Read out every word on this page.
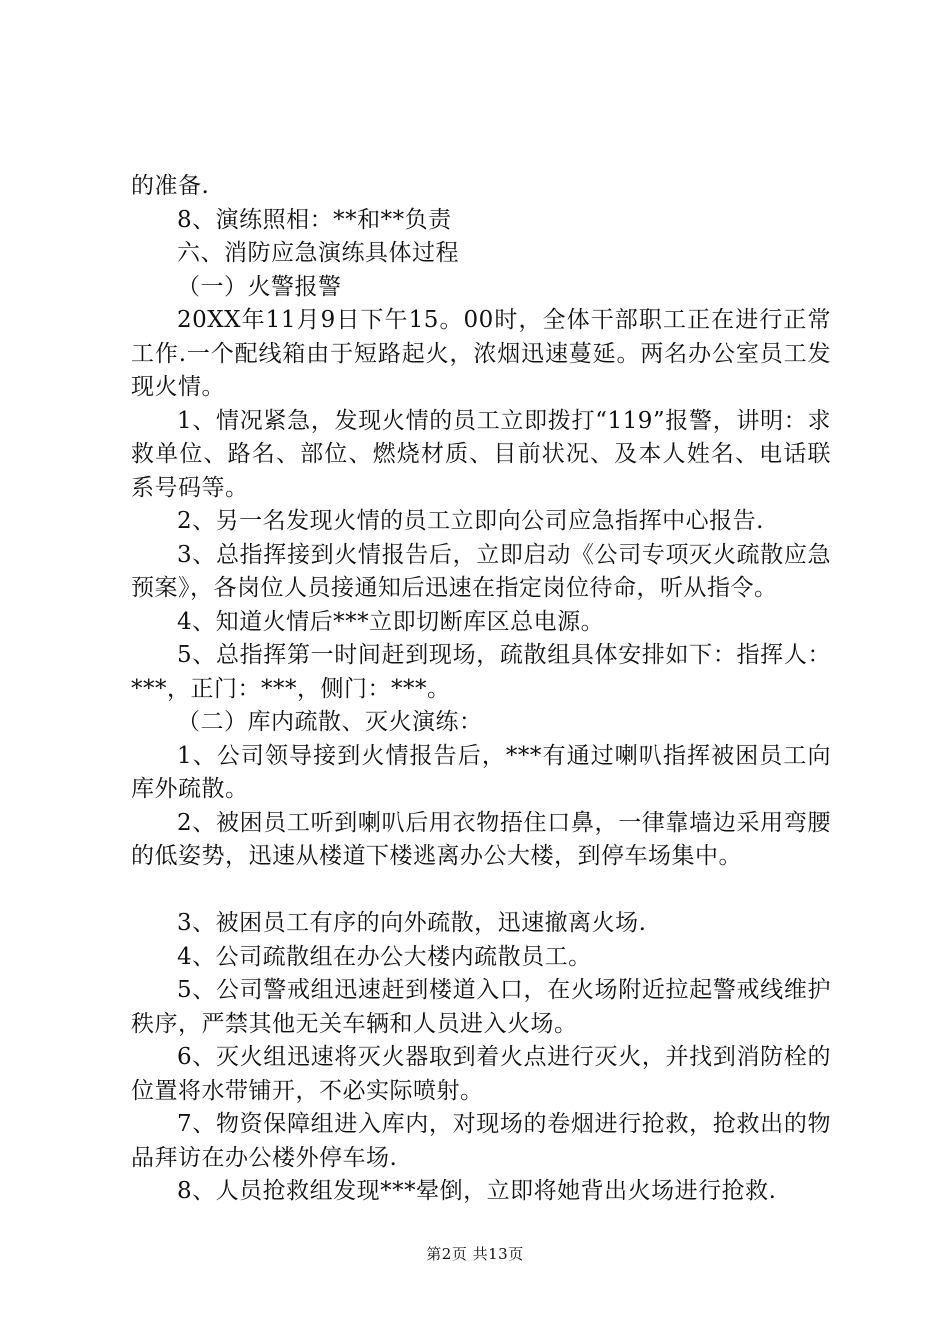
的准备.

8、演练照相：**和**负责

六、消防应急演练具体过程

（一）火警报警

20XX年11月9日下午15。00时，全体干部职工正在进行正常工作.一个配线箱由于短路起火，浓烟迅速蔓延。两名办公室员工发现火情。

1、情况紧急，发现火情的员工立即拨打“119”报警，讲明：求救单位、路名、部位、燃烧材质、目前状况、及本人姓名、电话联系号码等。

2、另一名发现火情的员工立即向公司应急指挥中心报告.

3、总指挥接到火情报告后，立即启动《公司专项灭火疏散应急预案》，各岗位人员接通知后迅速在指定岗位待命，听从指令。

4、知道火情后***立即切断库区总电源。

5、总指挥第一时间赶到现场，疏散组具体安排如下：指挥人：***，正门：***，侧门：***。

（二）库内疏散、灭火演练：

1、公司领导接到火情报告后，***有通过喇叭指挥被困员工向库外疏散。

2、被困员工听到喇叭后用衣物捂住口鼻，一律靠墙边采用弯腰的低姿势，迅速从楼道下楼逃离办公大楼，到停车场集中。

3、被困员工有序的向外疏散，迅速撤离火场.

4、公司疏散组在办公大楼内疏散员工。

5、公司警戒组迅速赶到楼道入口，在火场附近拉起警戒线维护秩序，严禁其他无关车辆和人员进入火场。

6、灭火组迅速将灭火器取到着火点进行灭火，并找到消防栓的位置将水带铺开，不必实际喷射。

7、物资保障组进入库内，对现场的卷烟进行抢救，抢救出的物品拜访在办公楼外停车场.

8、人员抢救组发现***晕倒，立即将她背出火场进行抢救.

第2页 共13页
